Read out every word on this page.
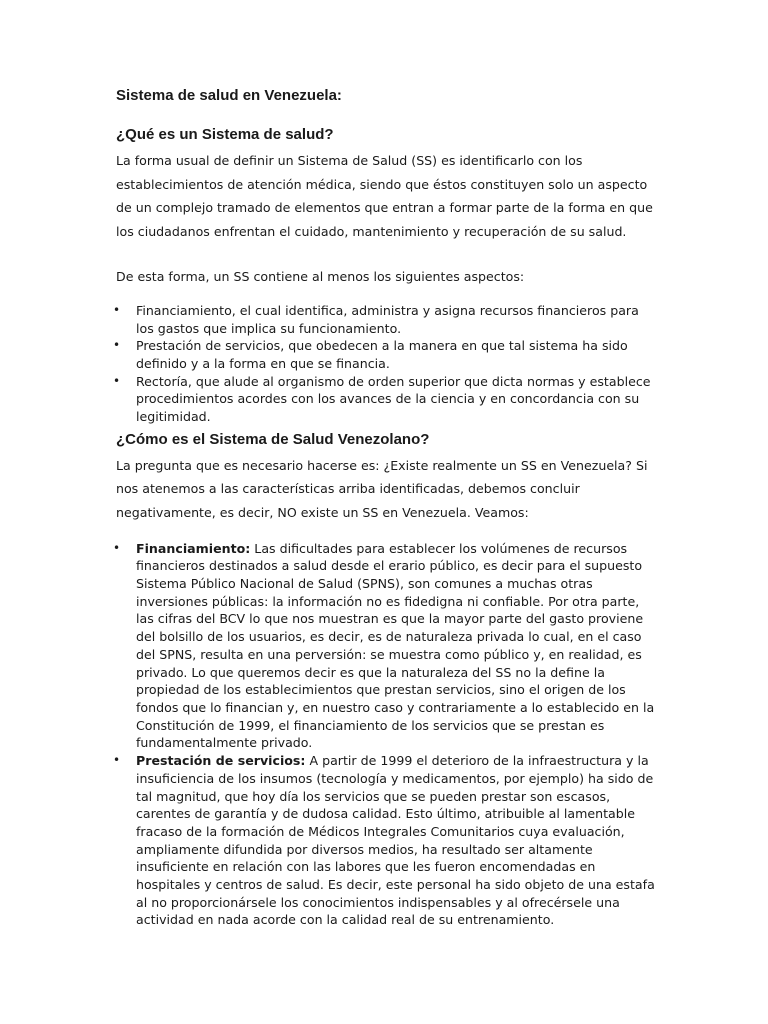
Sistema de salud en Venezuela:
¿Qué es un Sistema de salud?

La forma usual de definir un Sistema de Salud (SS) es identificarlo con los establecimientos de atención médica, siendo que éstos constituyen solo un aspecto de un complejo tramado de elementos que entran a formar parte de la forma en que los ciudadanos enfrentan el cuidado, mantenimiento y recuperación de su salud.

De esta forma, un SS contiene al menos los siguientes aspectos:

• Financiamiento, el cual identifica, administra y asigna recursos financieros para los gastos que implica su funcionamiento.
• Prestación de servicios, que obedecen a la manera en que tal sistema ha sido definido y a la forma en que se financia.
• Rectoría, que alude al organismo de orden superior que dicta normas y establece procedimientos acordes con los avances de la ciencia y en concordancia con su legitimidad.
¿Cómo es el Sistema de Salud Venezolano?

La pregunta que es necesario hacerse es: ¿Existe realmente un SS en Venezuela? Si nos atenemos a las características arriba identificadas, debemos concluir negativamente, es decir, NO existe un SS en Venezuela. Veamos:

• Financiamiento: Las dificultades para establecer los volúmenes de recursos financieros destinados a salud desde el erario público, es decir para el supuesto Sistema Público Nacional de Salud (SPNS), son comunes a muchas otras inversiones públicas: la información no es fidedigna ni confiable. Por otra parte, las cifras del BCV lo que nos muestran es que la mayor parte del gasto proviene del bolsillo de los usuarios, es decir, es de naturaleza privada lo cual, en el caso del SPNS, resulta en una perversión: se muestra como público y, en realidad, es privado. Lo que queremos decir es que la naturaleza del SS no la define la propiedad de los establecimientos que prestan servicios, sino el origen de los fondos que lo financian y, en nuestro caso y contrariamente a lo establecido en la Constitución de 1999, el financiamiento de los servicios que se prestan es fundamentalmente privado.
• Prestación de servicios: A partir de 1999 el deterioro de la infraestructura y la insuficiencia de los insumos (tecnología y medicamentos, por ejemplo) ha sido de tal magnitud, que hoy día los servicios que se pueden prestar son escasos, carentes de garantía y de dudosa calidad. Esto último, atribuible al lamentable fracaso de la formación de Médicos Integrales Comunitarios cuya evaluación, ampliamente difundida por diversos medios, ha resultado ser altamente insuficiente en relación con las labores que les fueron encomendadas en hospitales y centros de salud. Es decir, este personal ha sido objeto de una estafa al no proporcionársele los conocimientos indispensables y al ofrecérsele una actividad en nada acorde con la calidad real de su entrenamiento.
